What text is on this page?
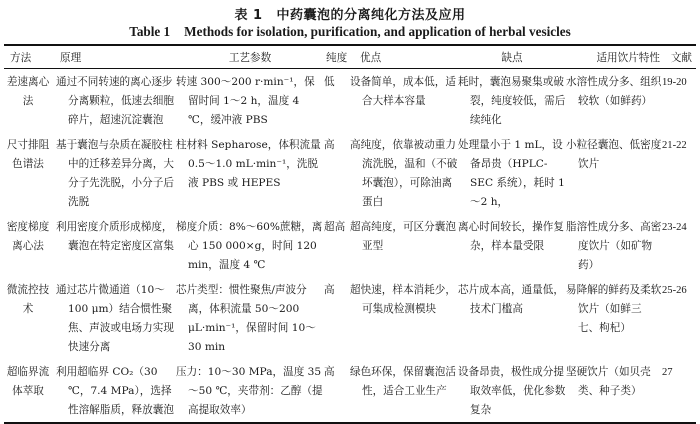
表 1 中药囊泡的分离纯化方法及应用
Table 1 Methods for isolation, purification, and application of herbal vesicles
方法	原理	工艺参数	纯度	优点	缺点	适用饮片特性	文献
差速离心法	通过不同转速的离心逐步分离颗粒，低速去细胞碎片，超速沉淀囊泡	转速 300～200 r·min⁻¹，保留时间 1～2 h，温度 4 ℃，缓冲液 PBS	低	设备简单，成本低，适合大样本容量	耗时，囊泡易聚集或破裂，纯度较低，需后续纯化	水溶性成分多、组织较软（如鲜药）	19-20
尺寸排阻色谱法	基于囊泡与杂质在凝胶柱中的迁移差异分离，大分子先洗脱，小分子后洗脱	柱材料 Sepharose，体积流量 0.5～1.0 mL·min⁻¹，洗脱液 PBS 或 HEPES	高	高纯度，依靠被动重力流洗脱，温和（不破坏囊泡），可除油离蛋白	处理量小于 1 mL，设备昂贵（HPLC-SEC 系统），耗时 1～2 h，	小粒径囊泡、低密度饮片	21-22
密度梯度离心法	利用密度介质形成梯度，囊泡在特定密度区富集	梯度介质：8%～60%蔗糖，离心 150 000×g，时间 120 min，温度 4 ℃	超高	超高纯度，可区分囊泡亚型	离心时间较长，操作复杂，样本量受限	脂溶性成分多、高密度饮片（如矿物药）	23-24
微流控技术	通过芯片微通道（10～100 μm）结合惯性聚焦、声波或电场力实现快速分离	芯片类型：惯性聚焦/声波分离，体积流量 50～200 μL·min⁻¹，保留时间 10～30 min	高	超快速，样本消耗少，可集成检测模块	芯片成本高，通量低，技术门槛高	易降解的鲜药及柔软饮片（如鲜三七、枸杞）	25-26
超临界流体萃取	利用超临界 CO₂（30 ℃，7.4 MPa），选择性溶解脂质，释放囊泡	压力：10～30 MPa，温度 35～50 ℃，夹带剂：乙醇（提高提取效率）	高	绿色环保，保留囊泡活性，适合工业生产	设备昂贵，极性成分提取效率低，优化参数复杂	坚硬饮片（如贝壳类、种子类）	27
